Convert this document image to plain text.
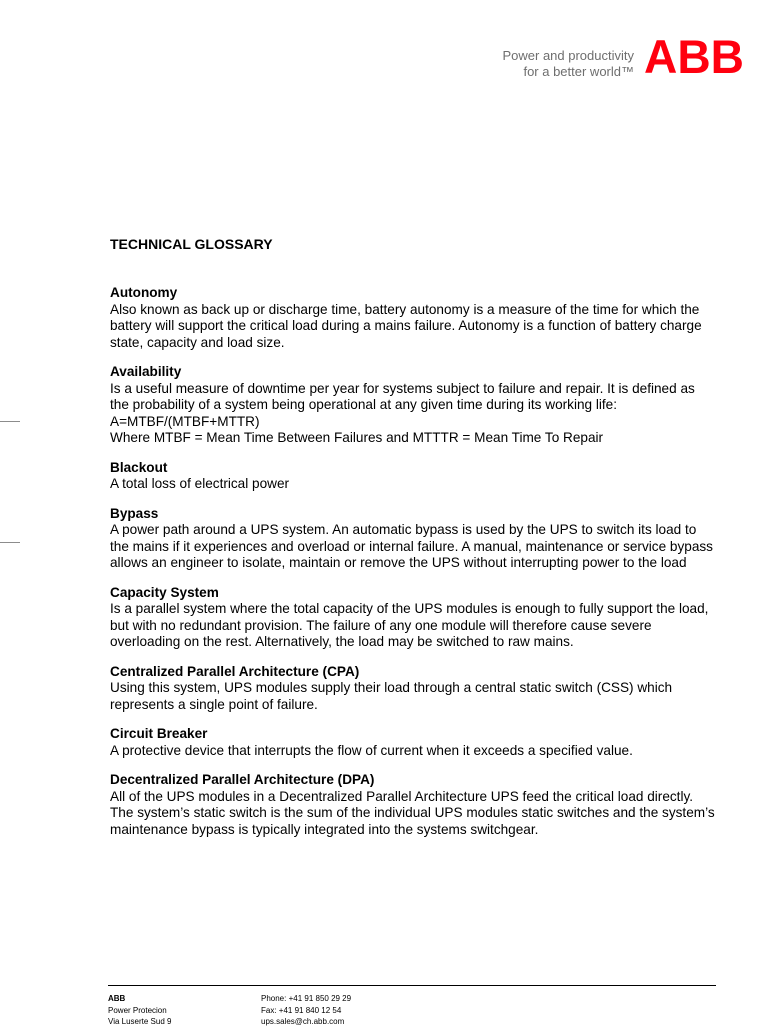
Power and productivity
for a better world™ ABB
TECHNICAL GLOSSARY
Autonomy
Also known as back up or discharge time, battery autonomy is a measure of the time for which the battery will support the critical load during a mains failure. Autonomy is a function of battery charge state, capacity and load size.
Availability
Is a useful measure of downtime per year for systems subject to failure and repair. It is defined as the probability of a system being operational at any given time during its working life:
A=MTBF/(MTBF+MTTR)
Where MTBF = Mean Time Between Failures and MTTTR = Mean Time To Repair
Blackout
A total loss of electrical power
Bypass
A power path around a UPS system. An automatic bypass is used by the UPS to switch its load to the mains if it experiences and overload or internal failure. A manual, maintenance or service bypass allows an engineer to isolate, maintain or remove the UPS without interrupting power to the load
Capacity System
Is a parallel system where the total capacity of the UPS modules is enough to fully support the load, but with no redundant provision. The failure of any one module will therefore cause severe overloading on the rest. Alternatively, the load may be switched to raw mains.
Centralized Parallel Architecture (CPA)
Using this system, UPS modules supply their load through a central static switch (CSS) which represents a single point of failure.
Circuit Breaker
A protective device that interrupts the flow of current when it exceeds a specified value.
Decentralized Parallel Architecture (DPA)
All of the UPS modules in a Decentralized Parallel Architecture UPS feed the critical load directly. The system’s static switch is the sum of the individual UPS modules static switches and the system’s maintenance bypass is typically integrated into the systems switchgear.
ABB
Power Protecion
Via Luserte Sud 9
Phone: +41 91 850 29 29
Fax: +41 91 840 12 54
ups.sales@ch.abb.com
